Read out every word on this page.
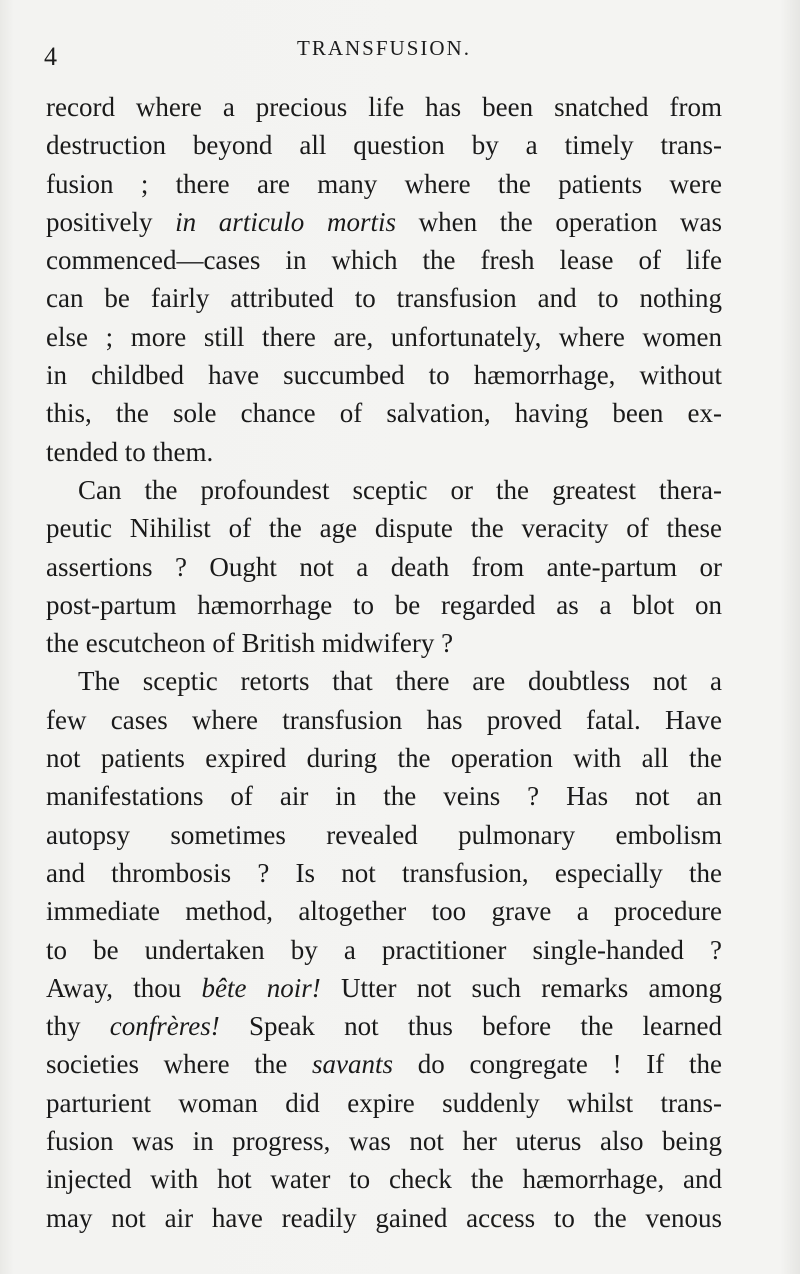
4	TRANSFUSION.
record where a precious life has been snatched from
destruction beyond all question by a timely trans-
fusion ; there are many where the patients were
positively in articulo mortis when the operation was
commenced—cases in which the fresh lease of life
can be fairly attributed to transfusion and to nothing
else ; more still there are, unfortunately, where women
in childbed have succumbed to hæmorrhage, without
this, the sole chance of salvation, having been ex-
tended to them.
Can the profoundest sceptic or the greatest thera-
peutic Nihilist of the age dispute the veracity of these
assertions ? Ought not a death from ante-partum or
post-partum hæmorrhage to be regarded as a blot on
the escutcheon of British midwifery ?
The sceptic retorts that there are doubtless not a
few cases where transfusion has proved fatal. Have
not patients expired during the operation with all the
manifestations of air in the veins ? Has not an
autopsy sometimes revealed pulmonary embolism
and thrombosis ? Is not transfusion, especially the
immediate method, altogether too grave a procedure
to be undertaken by a practitioner single-handed ?
Away, thou bête noir! Utter not such remarks among
thy confrères! Speak not thus before the learned
societies where the savants do congregate ! If the
parturient woman did expire suddenly whilst trans-
fusion was in progress, was not her uterus also being
injected with hot water to check the hæmorrhage, and
may not air have readily gained access to the venous
